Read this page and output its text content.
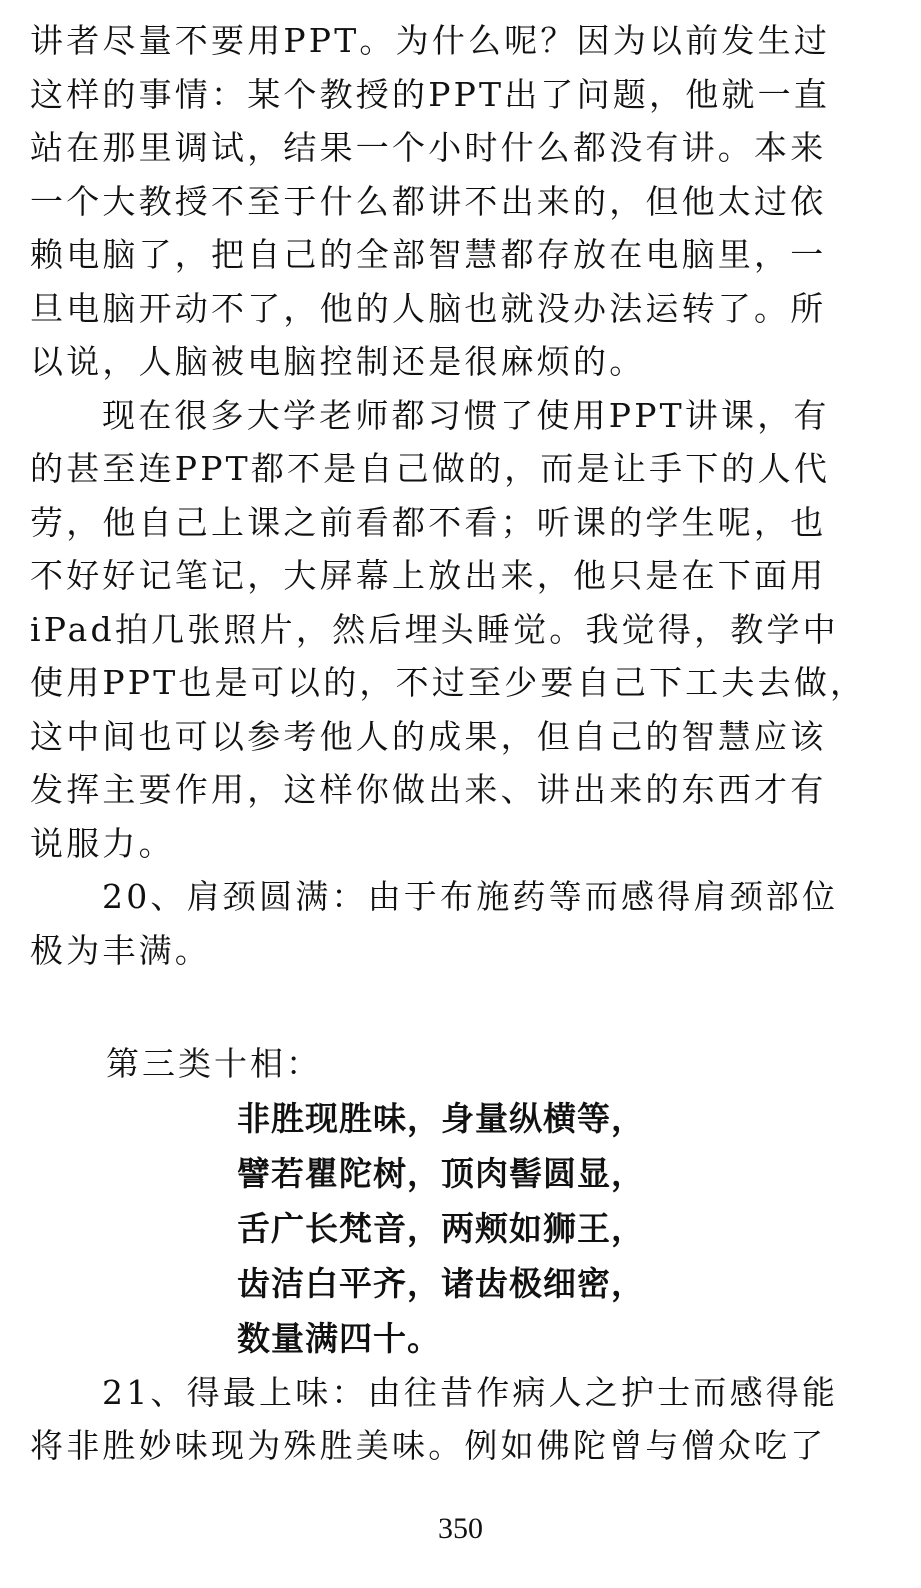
讲者尽量不要用PPT。为什么呢？因为以前发生过
这样的事情：某个教授的PPT出了问题，他就一直
站在那里调试，结果一个小时什么都没有讲。本来
一个大教授不至于什么都讲不出来的，但他太过依
赖电脑了，把自己的全部智慧都存放在电脑里，一
旦电脑开动不了，他的人脑也就没办法运转了。所
以说，人脑被电脑控制还是很麻烦的。

现在很多大学老师都习惯了使用PPT讲课，有
的甚至连PPT都不是自己做的，而是让手下的人代
劳，他自己上课之前看都不看；听课的学生呢，也
不好好记笔记，大屏幕上放出来，他只是在下面用
iPad拍几张照片，然后埋头睡觉。我觉得，教学中
使用PPT也是可以的，不过至少要自己下工夫去做，
这中间也可以参考他人的成果，但自己的智慧应该
发挥主要作用，这样你做出来、讲出来的东西才有
说服力。

20、肩颈圆满：由于布施药等而感得肩颈部位
极为丰满。

第三类十相：

非胜现胜味，身量纵横等，
譬若瞿陀树，顶肉髻圆显，
舌广长梵音，两颊如狮王，
齿洁白平齐，诸齿极细密，
数量满四十。

21、得最上味：由往昔作病人之护士而感得能
将非胜妙味现为殊胜美味。例如佛陀曾与僧众吃了

350
